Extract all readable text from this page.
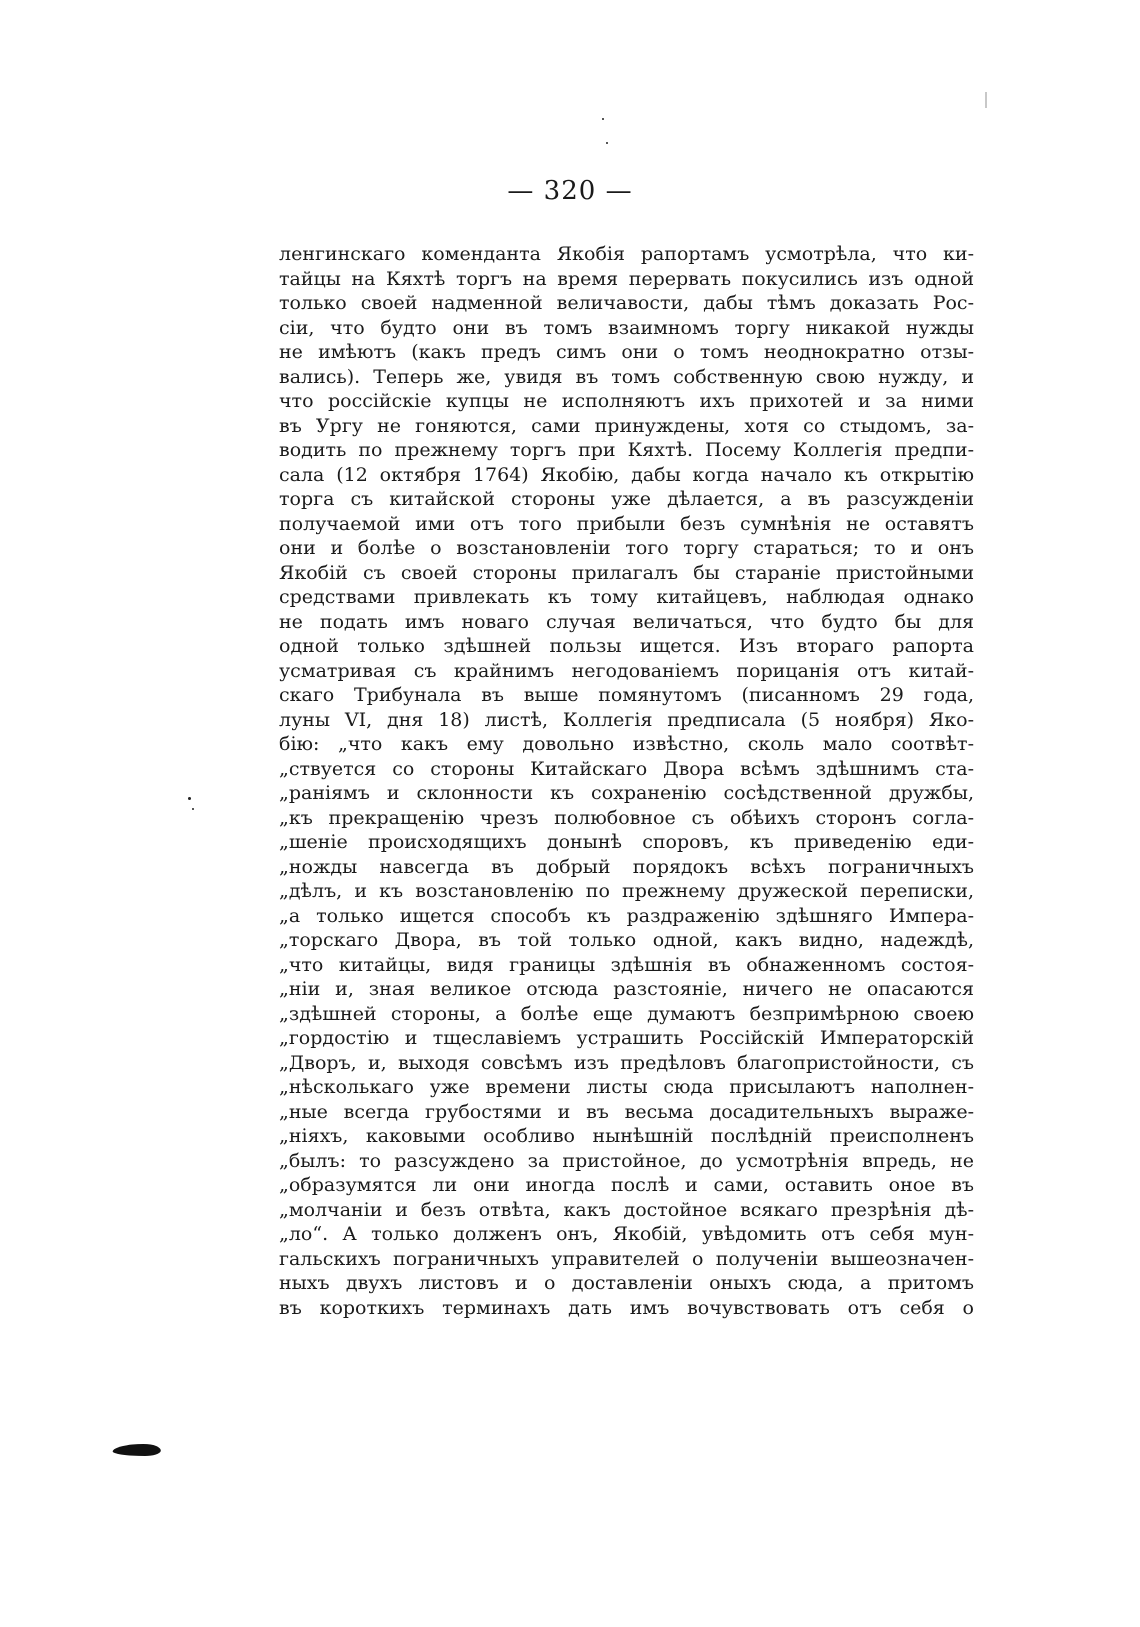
— 320 —
ленгинскаго коменданта Якобія рапортамъ усмотрѣла, что ки-
тайцы на Кяхтѣ торгъ на время перервать покусились изъ одной
только своей надменной величавости, дабы тѣмъ доказать Рос-
сіи, что будто они въ томъ взаимномъ торгу никакой нужды
не имѣютъ (какъ предъ симъ они о томъ неоднократно отзы-
вались). Теперь же, увидя въ томъ собственную свою нужду, и
что россійскіе купцы не исполняютъ ихъ прихотей и за ними
въ Ургу не гоняются, сами принуждены, хотя со стыдомъ, за-
водить по прежнему торгъ при Кяхтѣ. Посему Коллегія предпи-
сала (12 октября 1764) Якобію, дабы когда начало къ открытію
торга съ китайской стороны уже дѣлается, а въ разсужденіи
получаемой ими отъ того прибыли безъ сумнѣнія не оставятъ
они и болѣе о возстановленіи того торгу стараться; то и онъ
Якобій съ своей стороны прилагалъ бы стараніе пристойными
средствами привлекать къ тому китайцевъ, наблюдая однако
не подать имъ новаго случая величаться, что будто бы для
одной только здѣшней пользы ищется. Изъ втораго рапорта
усматривая съ крайнимъ негодованіемъ порицанія отъ китай-
скаго Трибунала въ выше помянутомъ (писанномъ 29 года,
луны VI, дня 18) листѣ, Коллегія предписала (5 ноября) Яко-
бію: „что какъ ему довольно извѣстно, сколь мало соотвѣт-
„ствуется со стороны Китайскаго Двора всѣмъ здѣшнимъ ста-
„раніямъ и склонности къ сохраненію сосѣдственной дружбы,
„къ прекращенію чрезъ полюбовное съ обѣихъ сторонъ согла-
„шеніе происходящихъ донынѣ споровъ, къ приведенію еди-
„ножды навсегда въ добрый порядокъ всѣхъ пограничныхъ
„дѣлъ, и къ возстановленію по прежнему дружеской переписки,
„а только ищется способъ къ раздраженію здѣшняго Импера-
„торскаго Двора, въ той только одной, какъ видно, надеждѣ,
„что китайцы, видя границы здѣшнія въ обнаженномъ состоя-
„ніи и, зная великое отсюда разстояніе, ничего не опасаются
„здѣшней стороны, а болѣе еще думаютъ безпримѣрною своею
„гордостію и тщеславіемъ устрашить Россійскій Императорскій
„Дворъ, и, выходя совсѣмъ изъ предѣловъ благопристойности, съ
„нѣсколькаго уже времени листы сюда присылаютъ наполнен-
„ные всегда грубостями и въ весьма досадительныхъ выраже-
„ніяхъ, каковыми особливо нынѣшній послѣдній преисполненъ
„былъ: то разсуждено за пристойное, до усмотрѣнія впредь, не
„образумятся ли они иногда послѣ и сами, оставить оное въ
„молчаніи и безъ отвѣта, какъ достойное всякаго презрѣнія дѣ-
„ло“. А только долженъ онъ, Якобій, увѣдомить отъ себя мун-
гальскихъ пограничныхъ управителей о полученіи вышеозначен-
ныхъ двухъ листовъ и о доставленіи оныхъ сюда, а притомъ
въ короткихъ терминахъ дать имъ вочувствовать отъ себя о
